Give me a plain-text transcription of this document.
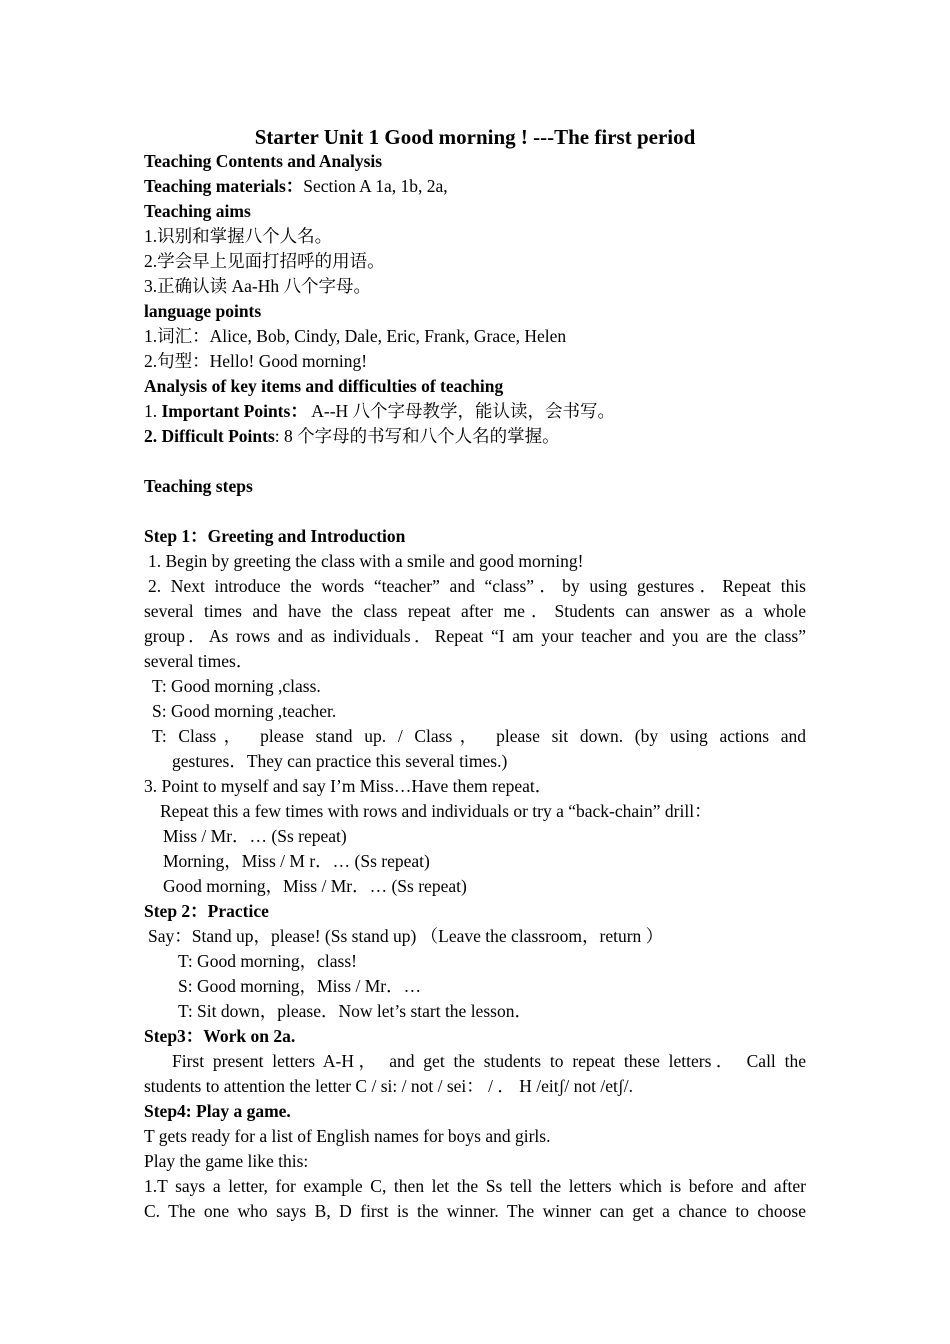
Starter Unit 1 Good morning ! ---The first period
Teaching Contents and Analysis
Teaching materials：Section A 1a, 1b, 2a,
Teaching aims
1.识别和掌握八个人名。
2.学会早上见面打招呼的用语。
3.正确认读 Aa-Hh 八个字母。
language points
1.词汇：Alice, Bob, Cindy, Dale, Eric, Frank, Grace, Helen
2.句型：Hello! Good morning!
Analysis of key items and difficulties of teaching
1. Important Points： A--H 八个字母教学，能认读，会书写。
2. Difficult Points: 8 个字母的书写和八个人名的掌握。
Teaching steps
Step 1：Greeting and Introduction
1. Begin by greeting the class with a smile and good morning!
2. Next introduce the words “teacher” and “class”．by using gestures．Repeat this
several times and have the class repeat after me．Students can answer as a whole
group．As rows and as individuals．Repeat “I am your teacher and you are the class”
several times．
T: Good morning ,class.
S: Good morning ,teacher.
T: Class， please stand up. / Class， please sit down. (by using actions and
gestures．They can practice this several times.)
3. Point to myself and say I’m Miss…Have them repeat．
Repeat this a few times with rows and individuals or try a “back-chain” drill：
Miss / Mr．… (Ss repeat)
Morning，Miss / M r．… (Ss repeat)
Good morning，Miss / Mr．… (Ss repeat)
Step 2：Practice
Say：Stand up，please! (Ss stand up) （Leave the classroom，return ）
T: Good morning，class!
S: Good morning，Miss / Mr．…
T: Sit down，please．Now let’s start the lesson．
Step3：Work on 2a.
First present letters A-H， and get the students to repeat these letters． Call the
students to attention the letter C / si: / not / sei： / ． H /eitʃ/ not /etʃ/.
Step4: Play a game.
T gets ready for a list of English names for boys and girls.
Play the game like this:
1.T says a letter, for example C, then let the Ss tell the letters which is before and after
C. The one who says B, D first is the winner. The winner can get a chance to choose
